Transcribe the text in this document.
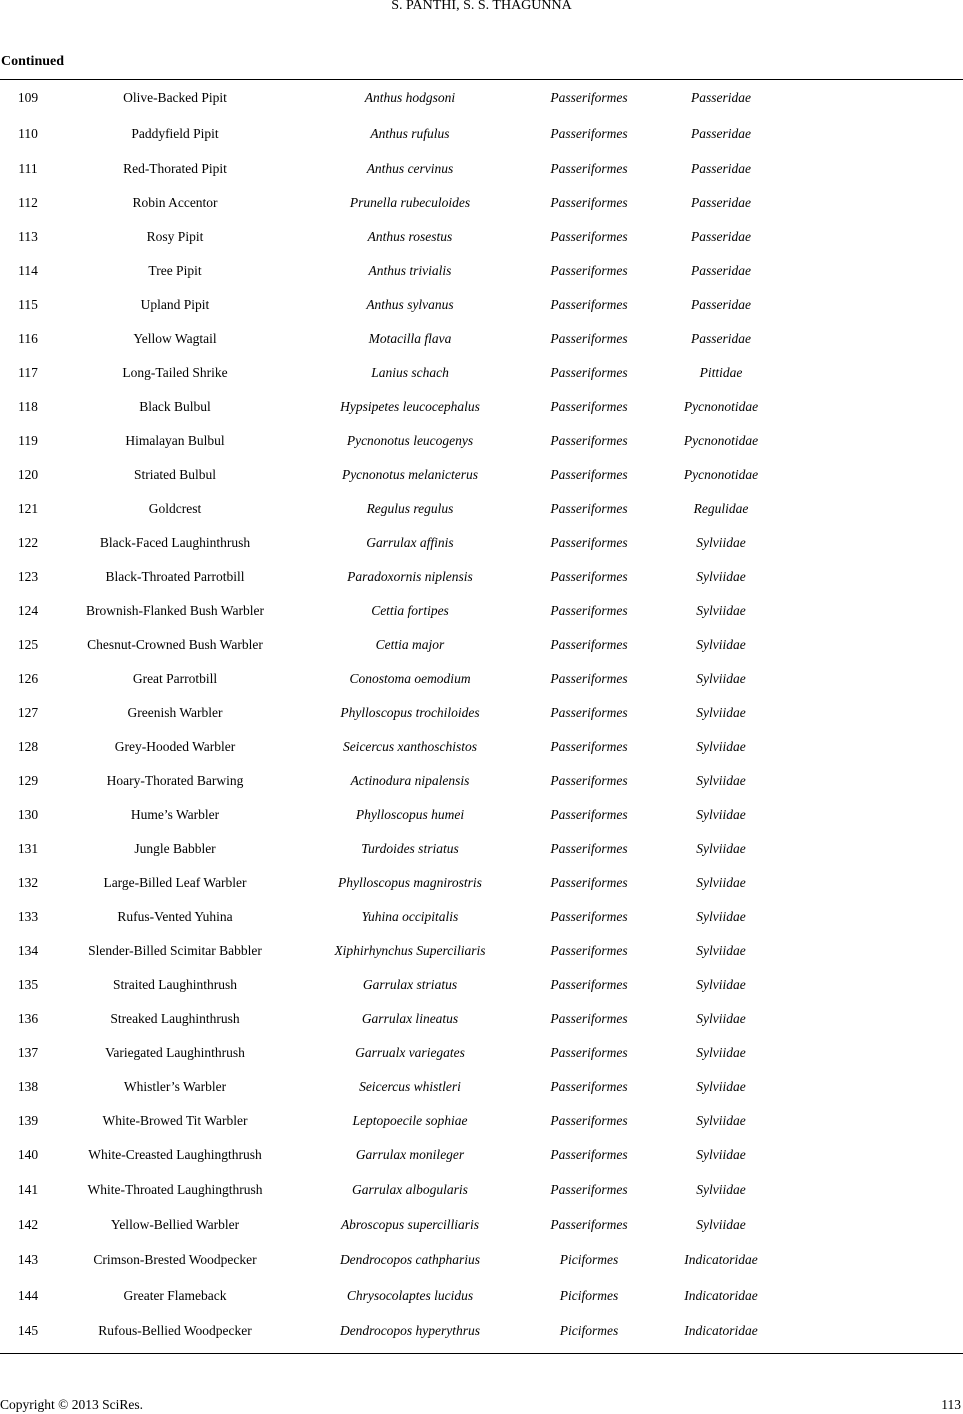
S. PANTHI, S. S. THAGUNNA
Continued
109	Olive-Backed Pipit	Anthus hodgsoni	Passeriformes	Passeridae
110	Paddyfield Pipit	Anthus rufulus	Passeriformes	Passeridae
111	Red-Thorated Pipit	Anthus cervinus	Passeriformes	Passeridae
112	Robin Accentor	Prunella rubeculoides	Passeriformes	Passeridae
113	Rosy Pipit	Anthus rosestus	Passeriformes	Passeridae
114	Tree Pipit	Anthus trivialis	Passeriformes	Passeridae
115	Upland Pipit	Anthus sylvanus	Passeriformes	Passeridae
116	Yellow Wagtail	Motacilla flava	Passeriformes	Passeridae
117	Long-Tailed Shrike	Lanius schach	Passeriformes	Pittidae
118	Black Bulbul	Hypsipetes leucocephalus	Passeriformes	Pycnonotidae
119	Himalayan Bulbul	Pycnonotus leucogenys	Passeriformes	Pycnonotidae
120	Striated Bulbul	Pycnonotus melanicterus	Passeriformes	Pycnonotidae
121	Goldcrest	Regulus regulus	Passeriformes	Regulidae
122	Black-Faced Laughinthrush	Garrulax affinis	Passeriformes	Sylviidae
123	Black-Throated Parrotbill	Paradoxornis niplensis	Passeriformes	Sylviidae
124	Brownish-Flanked Bush Warbler	Cettia fortipes	Passeriformes	Sylviidae
125	Chesnut-Crowned Bush Warbler	Cettia major	Passeriformes	Sylviidae
126	Great Parrotbill	Conostoma oemodium	Passeriformes	Sylviidae
127	Greenish Warbler	Phylloscopus trochiloides	Passeriformes	Sylviidae
128	Grey-Hooded Warbler	Seicercus xanthoschistos	Passeriformes	Sylviidae
129	Hoary-Thorated Barwing	Actinodura nipalensis	Passeriformes	Sylviidae
130	Hume’s Warbler	Phylloscopus humei	Passeriformes	Sylviidae
131	Jungle Babbler	Turdoides striatus	Passeriformes	Sylviidae
132	Large-Billed Leaf Warbler	Phylloscopus magnirostris	Passeriformes	Sylviidae
133	Rufus-Vented Yuhina	Yuhina occipitalis	Passeriformes	Sylviidae
134	Slender-Billed Scimitar Babbler	Xiphirhynchus Superciliaris	Passeriformes	Sylviidae
135	Straited Laughinthrush	Garrulax striatus	Passeriformes	Sylviidae
136	Streaked Laughinthrush	Garrulax lineatus	Passeriformes	Sylviidae
137	Variegated Laughinthrush	Garrualx variegates	Passeriformes	Sylviidae
138	Whistler’s Warbler	Seicercus whistleri	Passeriformes	Sylviidae
139	White-Browed Tit Warbler	Leptopoecile sophiae	Passeriformes	Sylviidae
140	White-Creasted Laughingthrush	Garrulax monileger	Passeriformes	Sylviidae
141	White-Throated Laughingthrush	Garrulax albogularis	Passeriformes	Sylviidae
142	Yellow-Bellied Warbler	Abroscopus supercilliaris	Passeriformes	Sylviidae
143	Crimson-Brested Woodpecker	Dendrocopos cathpharius	Piciformes	Indicatoridae
144	Greater Flameback	Chrysocolaptes lucidus	Piciformes	Indicatoridae
145	Rufous-Bellied Woodpecker	Dendrocopos hyperythrus	Piciformes	Indicatoridae
Copyright © 2013 SciRes.	113
